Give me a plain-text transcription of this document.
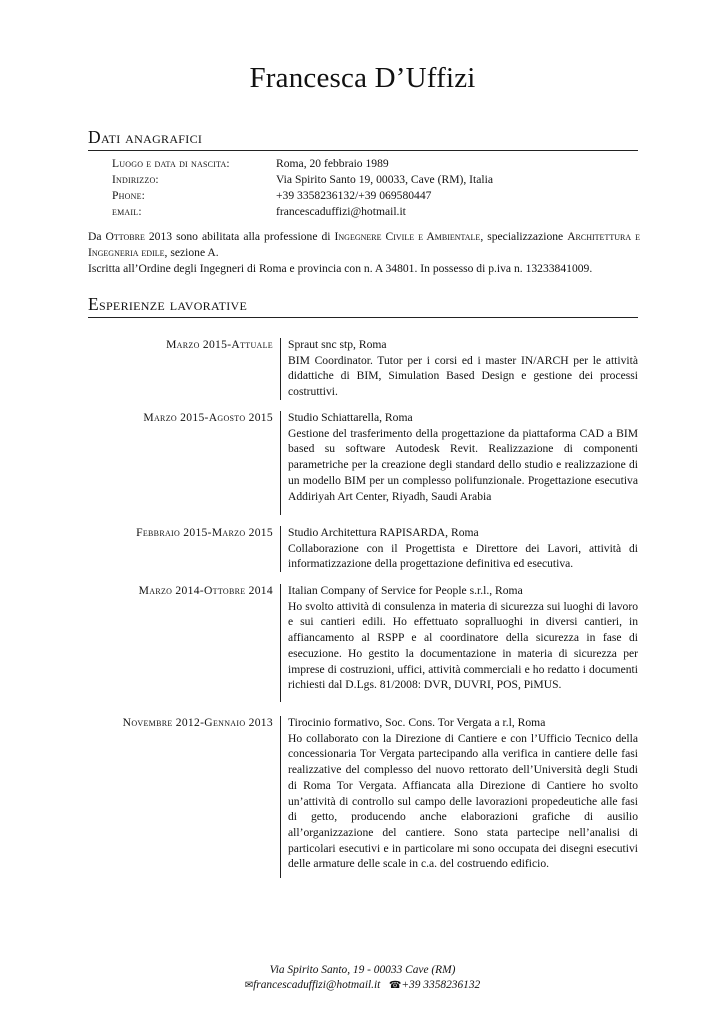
Francesca D’Uffizi
Dati anagrafici
Luogo e data di nascita:	Roma, 20 febbraio 1989
Indirizzo:	Via Spirito Santo 19, 00033, Cave (RM), Italia
Phone:	+39 3358236132/+39 069580447
email:	francescaduffizi@hotmail.it

Da Ottobre 2013 sono abilitata alla professione di Ingegnere Civile e Ambientale, specializzazione Architettura e Ingegneria edile, sezione A.

Iscritta all’Ordine degli Ingegneri di Roma e provincia con n. A 34801. In possesso di p.iva n. 13233841009.

Esperienze lavorative
Marzo 2015-Attuale Spraut snc stp, Roma
BIM Coordinator. Tutor per i corsi ed i master IN/ARCH per le attività didattiche di BIM, Simulation Based Design e gestione dei processi costruttivi.
Marzo 2015-Agosto 2015 Studio Schiattarella, Roma
Gestione del trasferimento della progettazione da piattaforma CAD a BIM based su software Autodesk Revit. Realizzazione di componenti parametriche per la creazione degli standard dello studio e realizzazione di un modello BIM per un complesso polifunzionale. Progettazione esecutiva Addiriyah Art Center, Riyadh, Saudi Arabia
Febbraio 2015-Marzo 2015 Studio Architettura RAPISARDA, Roma
Collaborazione con il Progettista e Direttore dei Lavori, attività di informatizzazione della progettazione definitiva ed esecutiva.
Marzo 2014-Ottobre 2014 Italian Company of Service for People s.r.l., Roma
Ho svolto attività di consulenza in materia di sicurezza sui luoghi di lavoro e sui cantieri edili. Ho effettuato sopralluoghi in diversi cantieri, in affiancamento al RSPP e al coordinatore della sicurezza in fase di esecuzione. Ho gestito la documentazione in materia di sicurezza per imprese di costruzioni, uffici, attività commerciali e ho redatto i documenti richiesti dal D.Lgs. 81/2008: DVR, DUVRI, POS, PiMUS.
Novembre 2012-Gennaio 2013 Tirocinio formativo, Soc. Cons. Tor Vergata a r.l, Roma
Ho collaborato con la Direzione di Cantiere e con l’Ufficio Tecnico della concessionaria Tor Vergata partecipando alla verifica in cantiere delle fasi realizzative del complesso del nuovo rettorato dell’Università degli Studi di Roma Tor Vergata. Affiancata alla Direzione di Cantiere ho svolto un’attività di controllo sul campo delle lavorazioni propedeutiche alle fasi di getto, producendo anche elaborazioni grafiche di ausilio all’organizzazione del cantiere. Sono stata partecipe nell’analisi di particolari esecutivi e in particolare mi sono occupata dei disegni esecutivi delle armature delle scale in c.a. del costruendo edificio.
Via Spirito Santo, 19 - 00033 Cave (RM)
✉francescaduffizi@hotmail.it ☎+39 3358236132
